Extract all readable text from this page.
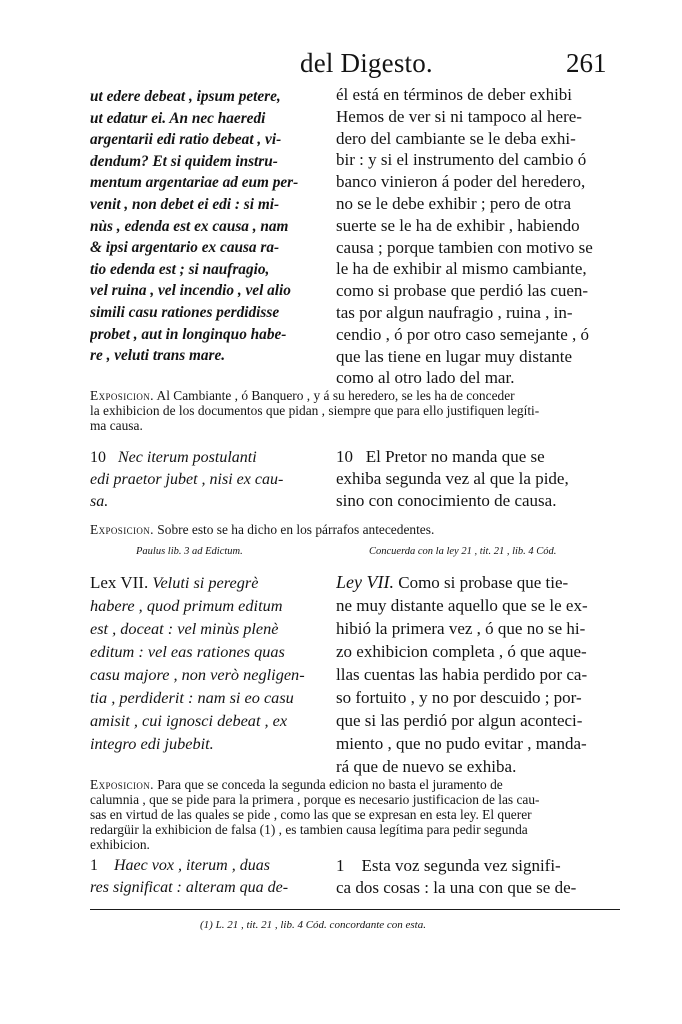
del Digesto.	261
ut edere debeat , ipsum petere,
ut edatur ei. An nec haeredi
argentarii edi ratio debeat , vi-
dendum? Et si quidem instru-
mentum argentariae ad eum per-
venit , non debet ei edi : si mi-
nùs , edenda est ex causa , nam
& ipsi argentario ex causa ra-
tio edenda est ; si naufragio,
vel ruina , vel incendio , vel alio
simili casu rationes perdidisse
probet , aut in longinquo habe-
re , veluti trans mare.
él está en términos de deber exhibi
Hemos de ver si ni tampoco al here-
dero del cambiante se le deba exhi-
bir : y si el instrumento del cambio ó
banco vinieron á poder del heredero,
no se le debe exhibir ; pero de otra
suerte se le ha de exhibir , habiendo
causa ; porque tambien con motivo se
le ha de exhibir al mismo cambiante,
como si probase que perdió las cuen-
tas por algun naufragio , ruina , in-
cendio , ó por otro caso semejante , ó
que las tiene en lugar muy distante
como al otro lado del mar.
Exposicion. Al Cambiante , ó Banquero , y á su heredero, se les ha de conceder
la exhibicion de los documentos que pidan , siempre que para ello justifiquen legíti-
ma causa.
10 Nec iterum postulanti
edi praetor jubet , nisi ex cau-
sa.
10 El Pretor no manda que se
exhiba segunda vez al que la pide,
sino con conocimiento de causa.
Exposicion. Sobre esto se ha dicho en los párrafos antecedentes.
Paulus lib. 3 ad Edictum.	Concuerda con la ley 21 , tit. 21 , lib. 4 Cód.
Lex VII. Veluti si peregrè
habere , quod primum editum
est , doceat : vel minùs plenè
editum : vel eas rationes quas
casu majore , non verò negligen-
tia , perdiderit : nam si eo casu
amisit , cui ignosci debeat , ex
integro edi jubebit.
Ley VII. Como si probase que tie-
ne muy distante aquello que se le ex-
hibió la primera vez , ó que no se hi-
zo exhibicion completa , ó que aque-
llas cuentas las habia perdido por ca-
so fortuito , y no por descuido ; por-
que si las perdió por algun aconteci-
miento , que no pudo evitar , manda-
rá que de nuevo se exhiba.
Exposicion. Para que se conceda la segunda edicion no basta el juramento de
calumnia , que se pide para la primera , porque es necesario justificacion de las cau-
sas en virtud de las quales se pide , como las que se expresan en esta ley. El querer
redargüir la exhibicion de falsa (1) , es tambien causa legítima para pedir segunda
exhibicion.
1 Haec vox , iterum , duas
res significat : alteram qua de-
1 Esta voz segunda vez signifi-
ca dos cosas : la una con que se de-
(1) L. 21 , tit. 21 , lib. 4 Cód. concordante con esta.
